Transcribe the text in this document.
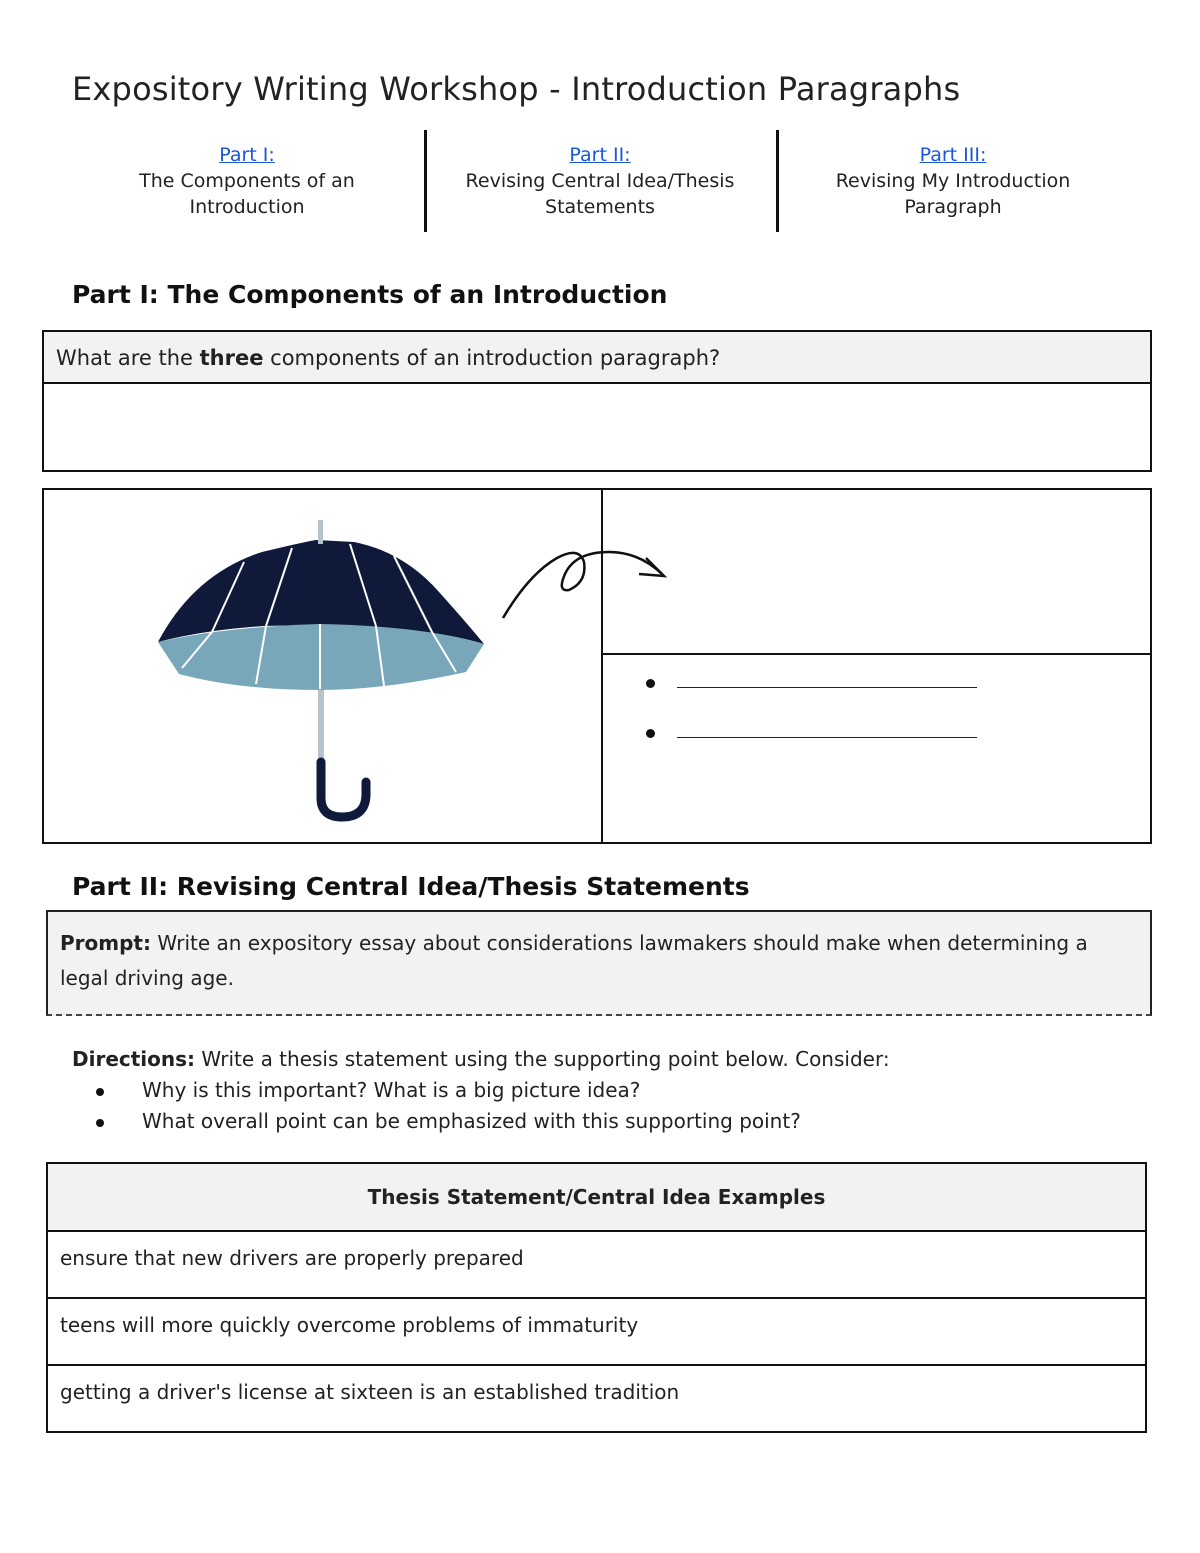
Expository Writing Workshop - Introduction Paragraphs
Part I:
The Components of an Introduction
Part II:
Revising Central Idea/Thesis Statements
Part III:
Revising My Introduction Paragraph
Part I: The Components of an Introduction
What are the three components of an introduction paragraph?
Part II: Revising Central Idea/Thesis Statements
Prompt: Write an expository essay about considerations lawmakers should make when determining a legal driving age.
Directions: Write a thesis statement using the supporting point below. Consider:
Why is this important? What is a big picture idea?
What overall point can be emphasized with this supporting point?
Thesis Statement/Central Idea Examples
ensure that new drivers are properly prepared
teens will more quickly overcome problems of immaturity
getting a driver's license at sixteen is an established tradition
